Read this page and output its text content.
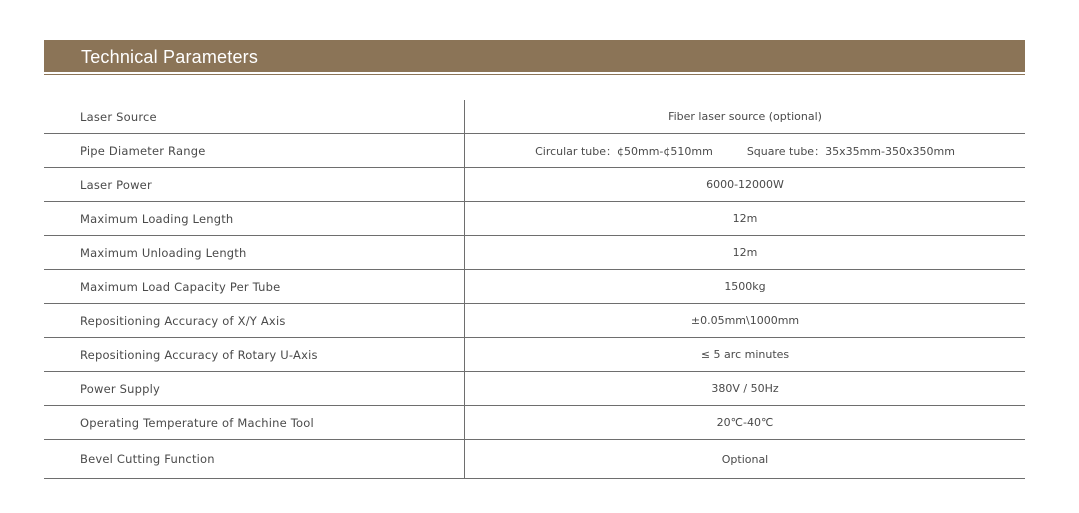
Technical Parameters
Laser Source	Fiber laser source (optional)
Pipe Diameter Range	Circular tube：¢50mm-¢510mm	Square tube：35x35mm-350x350mm
Laser Power	6000-12000W
Maximum Loading Length	12m
Maximum Unloading Length	12m
Maximum Load Capacity Per Tube	1500kg
Repositioning Accuracy of X/Y Axis	±0.05mm\1000mm
Repositioning Accuracy of Rotary U-Axis	≤ 5 arc minutes
Power Supply	380V / 50Hz
Operating Temperature of Machine Tool	20℃-40℃
Bevel Cutting Function	Optional
